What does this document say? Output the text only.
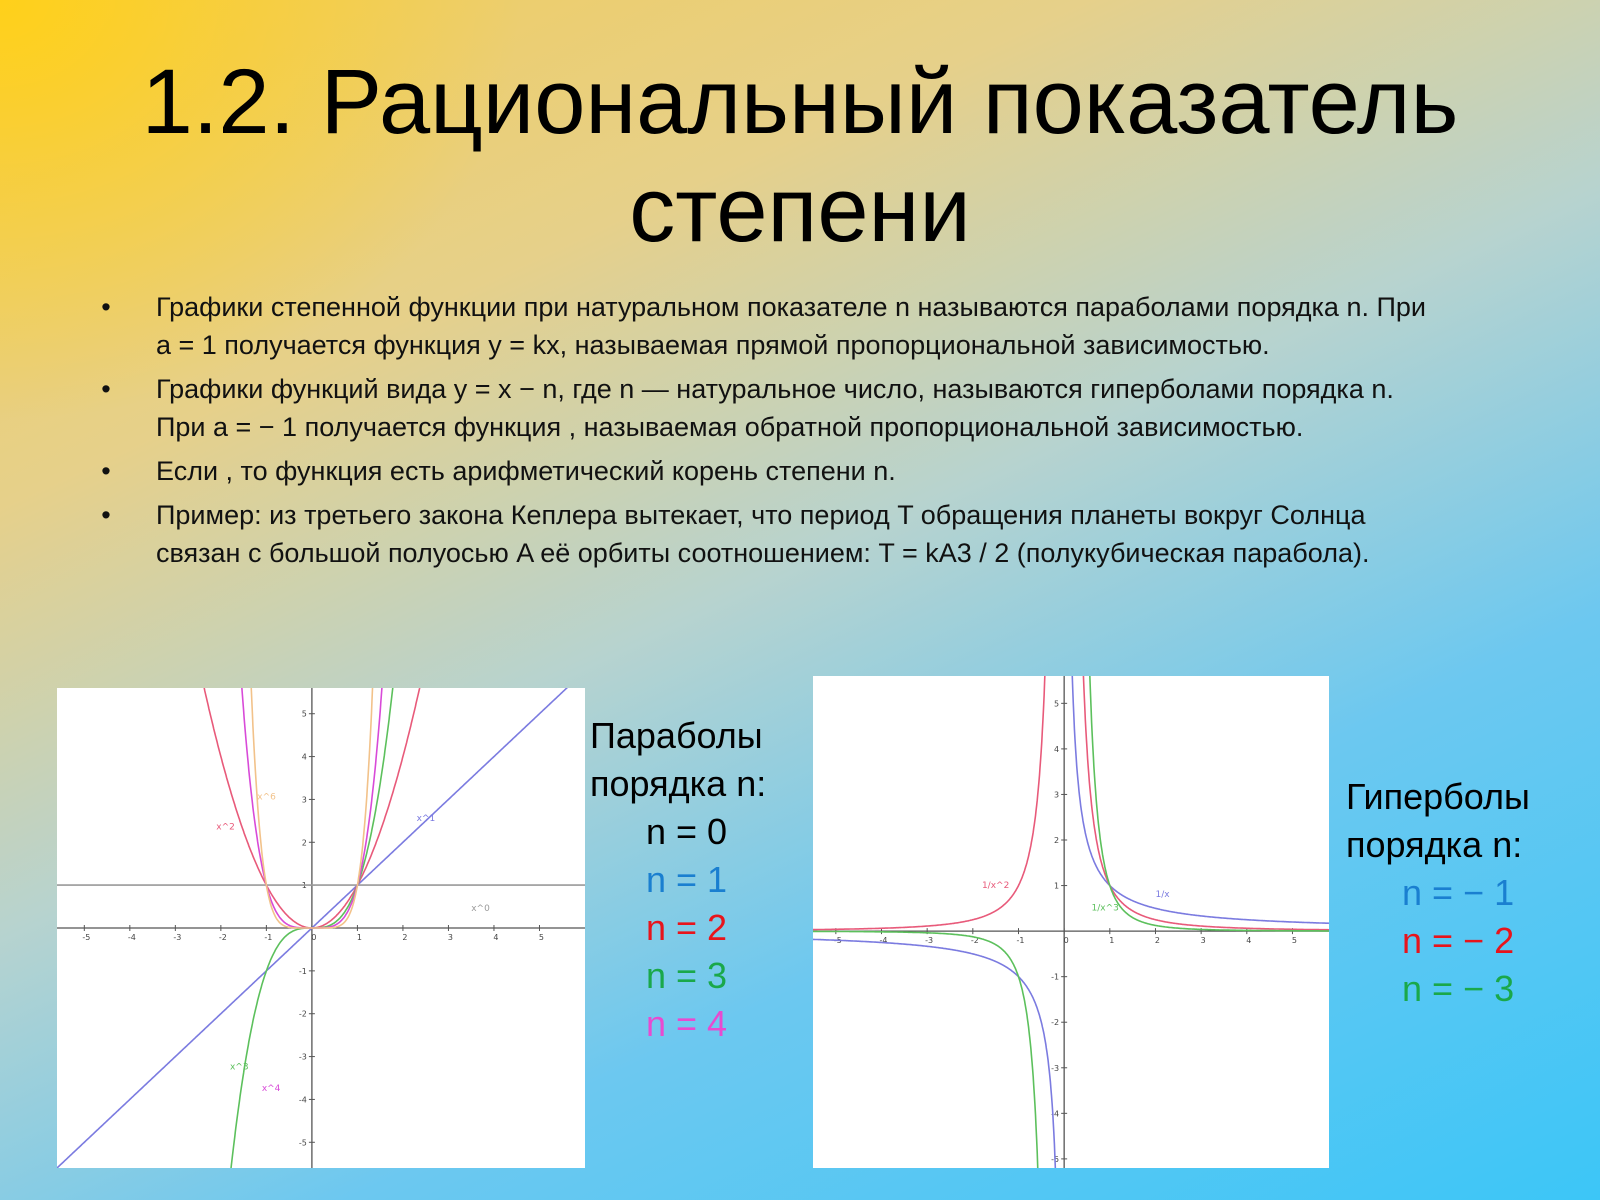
1.2. Рациональный показатель
степени
• Графики степенной функции при натуральном показателе n называются параболами порядка n. При a = 1 получается функция y = kx, называемая прямой пропорциональной зависимостью.
• Графики функций вида y = x − n, где n — натуральное число, называются гиперболами порядка n. При a = − 1 получается функция , называемая обратной пропорциональной зависимостью.
• Если , то функция есть арифметический корень степени n.
• Пример: из третьего закона Кеплера вытекает, что период T обращения планеты вокруг Солнца связан с большой полуосью A её орбиты соотношением: T = kA3 / 2 (полукубическая парабола).
-5	-4	-3	-2	-1	0	1	2	3	4	5
-5
-4
-3
-2
-1
1
2
3
4
5
x^0
x^1
x^2
x^3
x^4
x^6
Параболы
порядка n:
n = 0
n = 1
n = 2
n = 3
n = 4
-5	-4	-3	-2	-1	0	1	2	3	4	5
-5
-4
-3
-2
-1
1
2
3
4
5
1/x
1/x^2
1/x^3
Гиперболы
порядка n:
n = − 1
n = − 2
n = − 3
